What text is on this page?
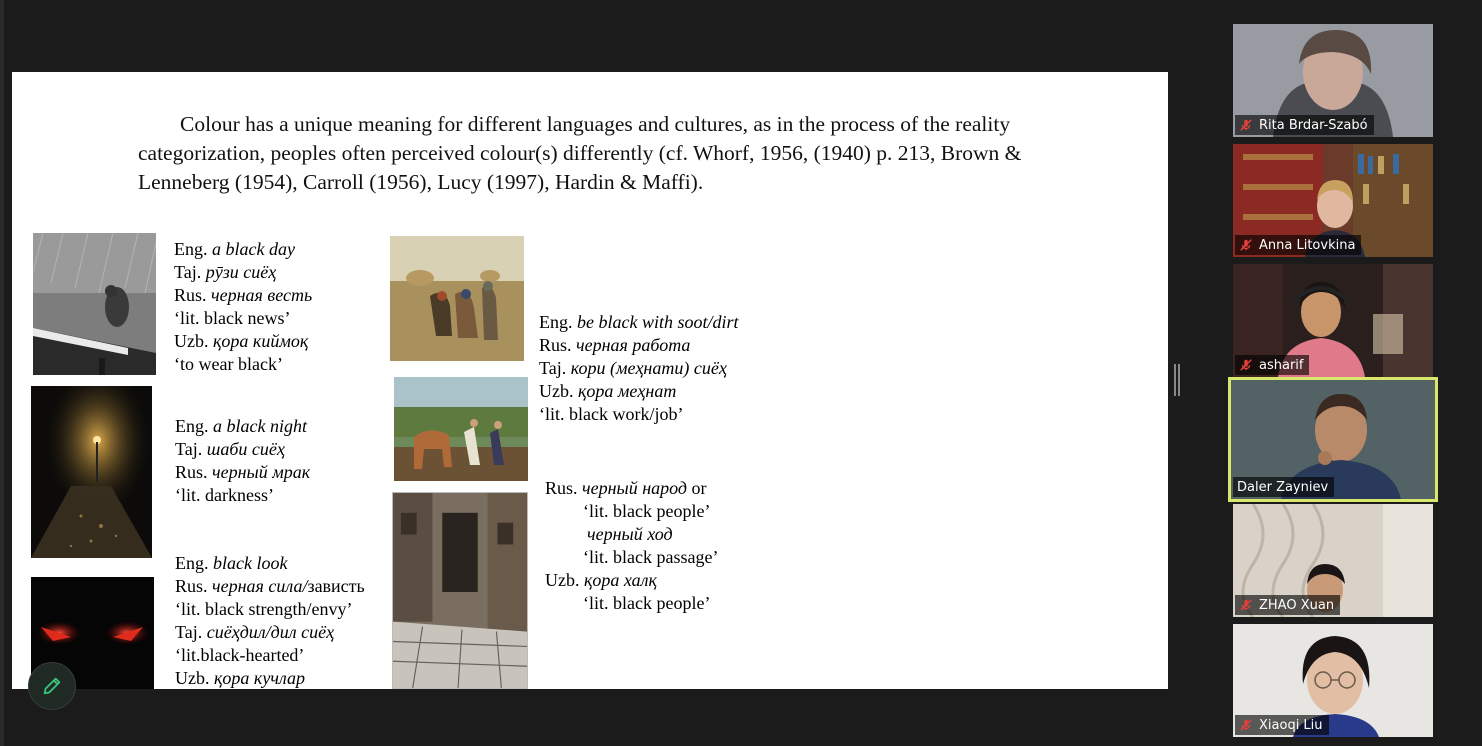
Colour has a unique meaning for different languages and cultures, as in the process of the reality categorization, peoples often perceived colour(s) differently (cf. Whorf, 1956, (1940) p. 213, Brown & Lenneberg (1954), Carroll (1956), Lucy (1997), Hardin & Maffi).

Eng. a black day
Taj. рӯзи сиёҳ
Rus. черная весть
‘lit. black news’
Uzb. қора киймоқ
‘to wear black’

Eng. a black night
Taj. шаби сиёҳ
Rus. черный мрак
‘lit. darkness’

Eng. black look
Rus. черная сила/зависть
‘lit. black strength/envy’
Taj. сиёҳдил/дил сиёҳ
‘lit.black-hearted’
Uzb. қора кучлар

Eng. be black with soot/dirt
Rus. черная работа
Taj. кори (меҳнати) сиёҳ
Uzb. қора меҳнат
‘lit. black work/job’

Rus. черный народ or
‘lit. black people’
черный ход
‘lit. black passage’
Uzb. қора халқ
‘lit. black people’

Rita Brdar-Szabó
Anna Litovkina
asharif
Daler Zayniev
ZHAO Xuan
Xiaoqi Liu
